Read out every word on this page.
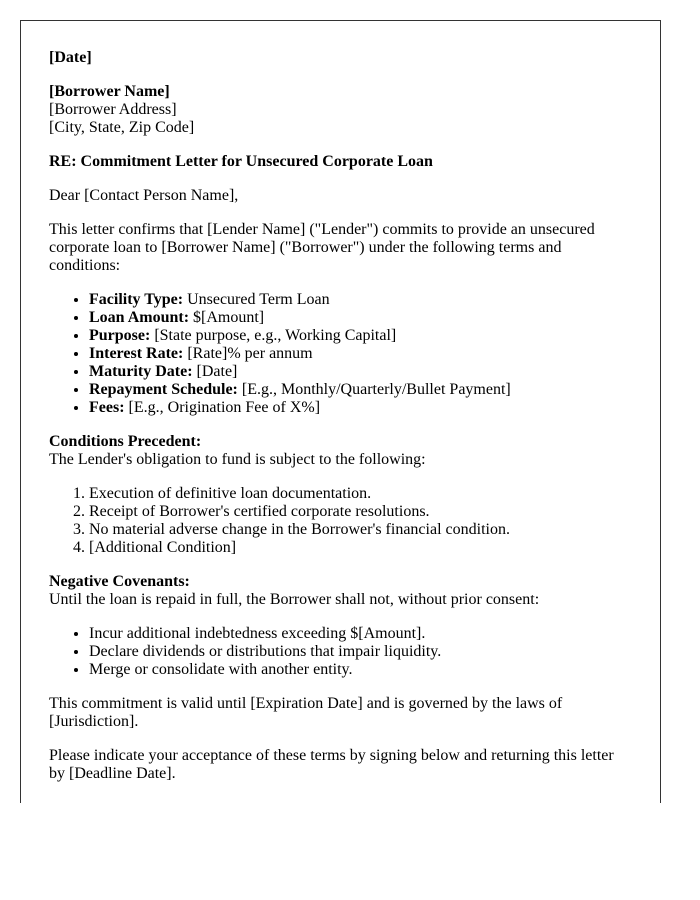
[Date]

[Borrower Name]
[Borrower Address]
[City, State, Zip Code]

RE: Commitment Letter for Unsecured Corporate Loan

Dear [Contact Person Name],

This letter confirms that [Lender Name] ("Lender") commits to provide an unsecured corporate loan to [Borrower Name] ("Borrower") under the following terms and conditions:

• Facility Type: Unsecured Term Loan
• Loan Amount: $[Amount]
• Purpose: [State purpose, e.g., Working Capital]
• Interest Rate: [Rate]% per annum
• Maturity Date: [Date]
• Repayment Schedule: [E.g., Monthly/Quarterly/Bullet Payment]
• Fees: [E.g., Origination Fee of X%]

Conditions Precedent:
The Lender's obligation to fund is subject to the following:

1. Execution of definitive loan documentation.
2. Receipt of Borrower's certified corporate resolutions.
3. No material adverse change in the Borrower's financial condition.
4. [Additional Condition]

Negative Covenants:
Until the loan is repaid in full, the Borrower shall not, without prior consent:

• Incur additional indebtedness exceeding $[Amount].
• Declare dividends or distributions that impair liquidity.
• Merge or consolidate with another entity.

This commitment is valid until [Expiration Date] and is governed by the laws of [Jurisdiction].

Please indicate your acceptance of these terms by signing below and returning this letter by [Deadline Date].
